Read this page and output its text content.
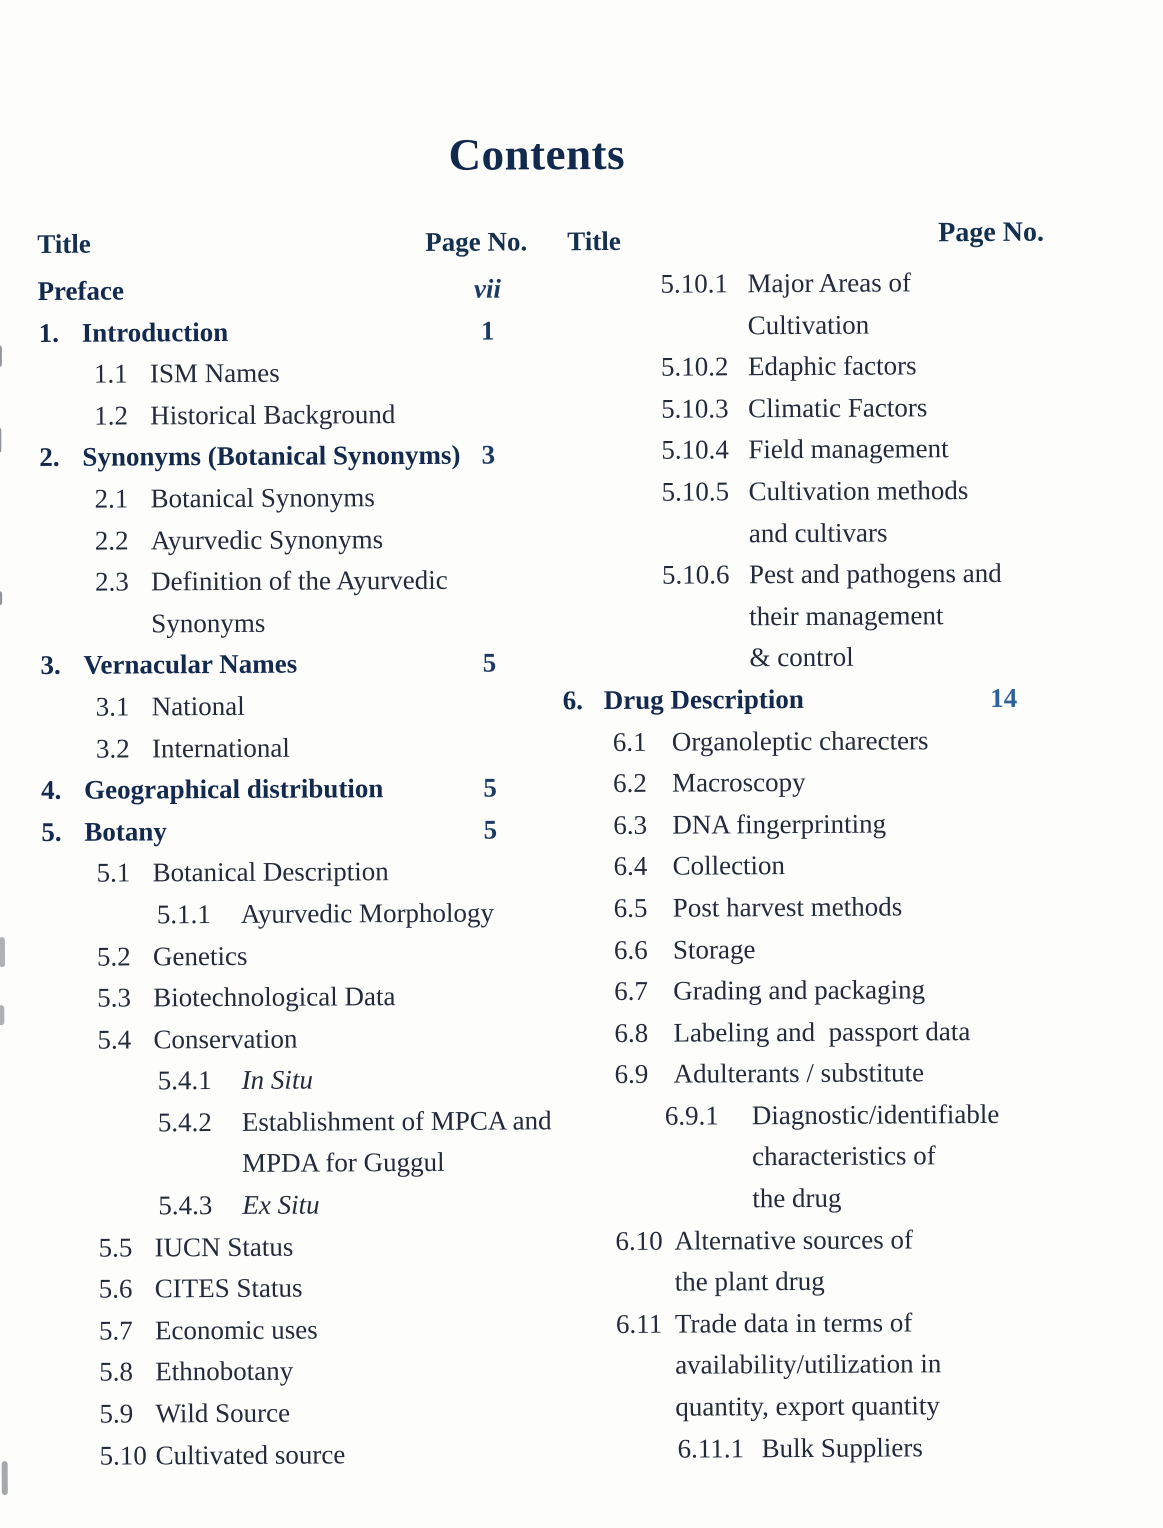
Contents
Title	Page No. Title	Page No.
Preface	vii
1. Introduction	1
1.1 ISM Names
1.2 Historical Background
2. Synonyms (Botanical Synonyms) 3
2.1 Botanical Synonyms
2.2 Ayurvedic Synonyms
2.3 Definition of the Ayurvedic
Synonyms
3. Vernacular Names	5
3.1 National
3.2 International
4. Geographical distribution	5
5. Botany	5
5.1 Botanical Description
5.1.1 Ayurvedic Morphology
5.2 Genetics
5.3 Biotechnological Data
5.4 Conservation
5.4.1 In Situ
5.4.2 Establishment of MPCA and
MPDA for Guggul
5.4.3 Ex Situ
5.5 IUCN Status
5.6 CITES Status
5.7 Economic uses
5.8 Ethnobotany
5.9 Wild Source
5.10 Cultivated source
5.10.1 Major Areas of
Cultivation
5.10.2 Edaphic factors
5.10.3 Climatic Factors
5.10.4 Field management
5.10.5 Cultivation methods
and cultivars
5.10.6 Pest and pathogens and
their management
& control
6. Drug Description	14
6.1 Organoleptic charecters
6.2 Macroscopy
6.3 DNA fingerprinting
6.4 Collection
6.5 Post harvest methods
6.6 Storage
6.7 Grading and packaging
6.8 Labeling and  passport data
6.9 Adulterants / substitute
6.9.1 Diagnostic/identifiable
characteristics of
the drug
6.10 Alternative sources of
the plant drug
6.11 Trade data in terms of
availability/utilization in
quantity, export quantity
6.11.1 Bulk Suppliers
